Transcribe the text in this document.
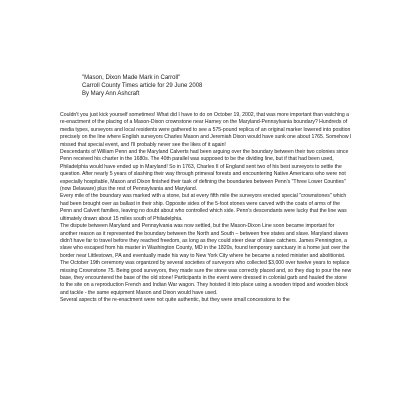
"Mason, Dixon Made Mark in Carroll"
Carroll County Times article for 29 June 2008
By Mary Ann Ashcraft

Couldn't you just kick yourself sometimes! What did I have to do on October 19, 2002, that was more important than watching a re-enactment of the placing of a Mason-Dixon crownstone near Harney on the Maryland-Pennsylvania boundary? Hundreds of media types, surveyors and local residents were gathered to see a 575-pound replica of an original marker lowered into position precisely on the line where English surveyors Charles Mason and Jeremiah Dixon would have sunk one about 1765. Somehow I missed that special event, and I'll probably never see the likes of it again!

Descendants of William Penn and the Maryland Calverts had been arguing over the boundary between their two colonies since Penn received his charter in the 1680s. The 40th parallel was supposed to be the dividing line, but if that had been used, Philadelphia would have ended up in Maryland! So in 1763, Charles II of England sent two of his best surveyors to settle the question. After nearly 5 years of slashing their way through primeval forests and encountering Native Americans who were not especially hospitable, Mason and Dixon finished their task of defining the boundaries between Penn's "Three Lower Counties" (now Delaware) plus the rest of Pennsylvania and Maryland.

Every mile of the boundary was marked with a stone, but at every fifth mile the surveyors erected special "crownstones" which had been brought over as ballast in their ship. Opposite sides of the 5-foot stones were carved with the coats of arms of the Penn and Calvert families, leaving no doubt about who controlled which side. Penn's descendants were lucky that the line was ultimately drawn about 15 miles south of Philadelphia.

The dispute between Maryland and Pennsylvania was now settled, but the Mason-Dixon Line soon became important for another reason as it represented the boundary between the North and South – between free states and slave. Maryland slaves didn't have far to travel before they reached freedom, as long as they could steer clear of slave catchers. James Pennington, a slave who escaped from his master in Washington County, MD in the 1820s, found temporary sanctuary in a home just over the border near Littlestown, PA and eventually made his way to New York City where he became a noted minister and abolitionist.

The October 19th ceremony was organized by several societies of surveyors who collected $3,000 over twelve years to replace missing Crownstone 75. Being good surveyors, they made sure the stone was correctly placed and, so they dug to pour the new base, they encountered the base of the old stone! Participants in the event were dressed in colonial garb and hauled the stone to the site on a reproduction French and Indian War wagon. They hoisted it into place using a wooden tripod and wooden block and tackle - the same equipment Mason and Dixon would have used.

Several aspects of the re-enactment were not quite authentic, but they were small concessions to the
